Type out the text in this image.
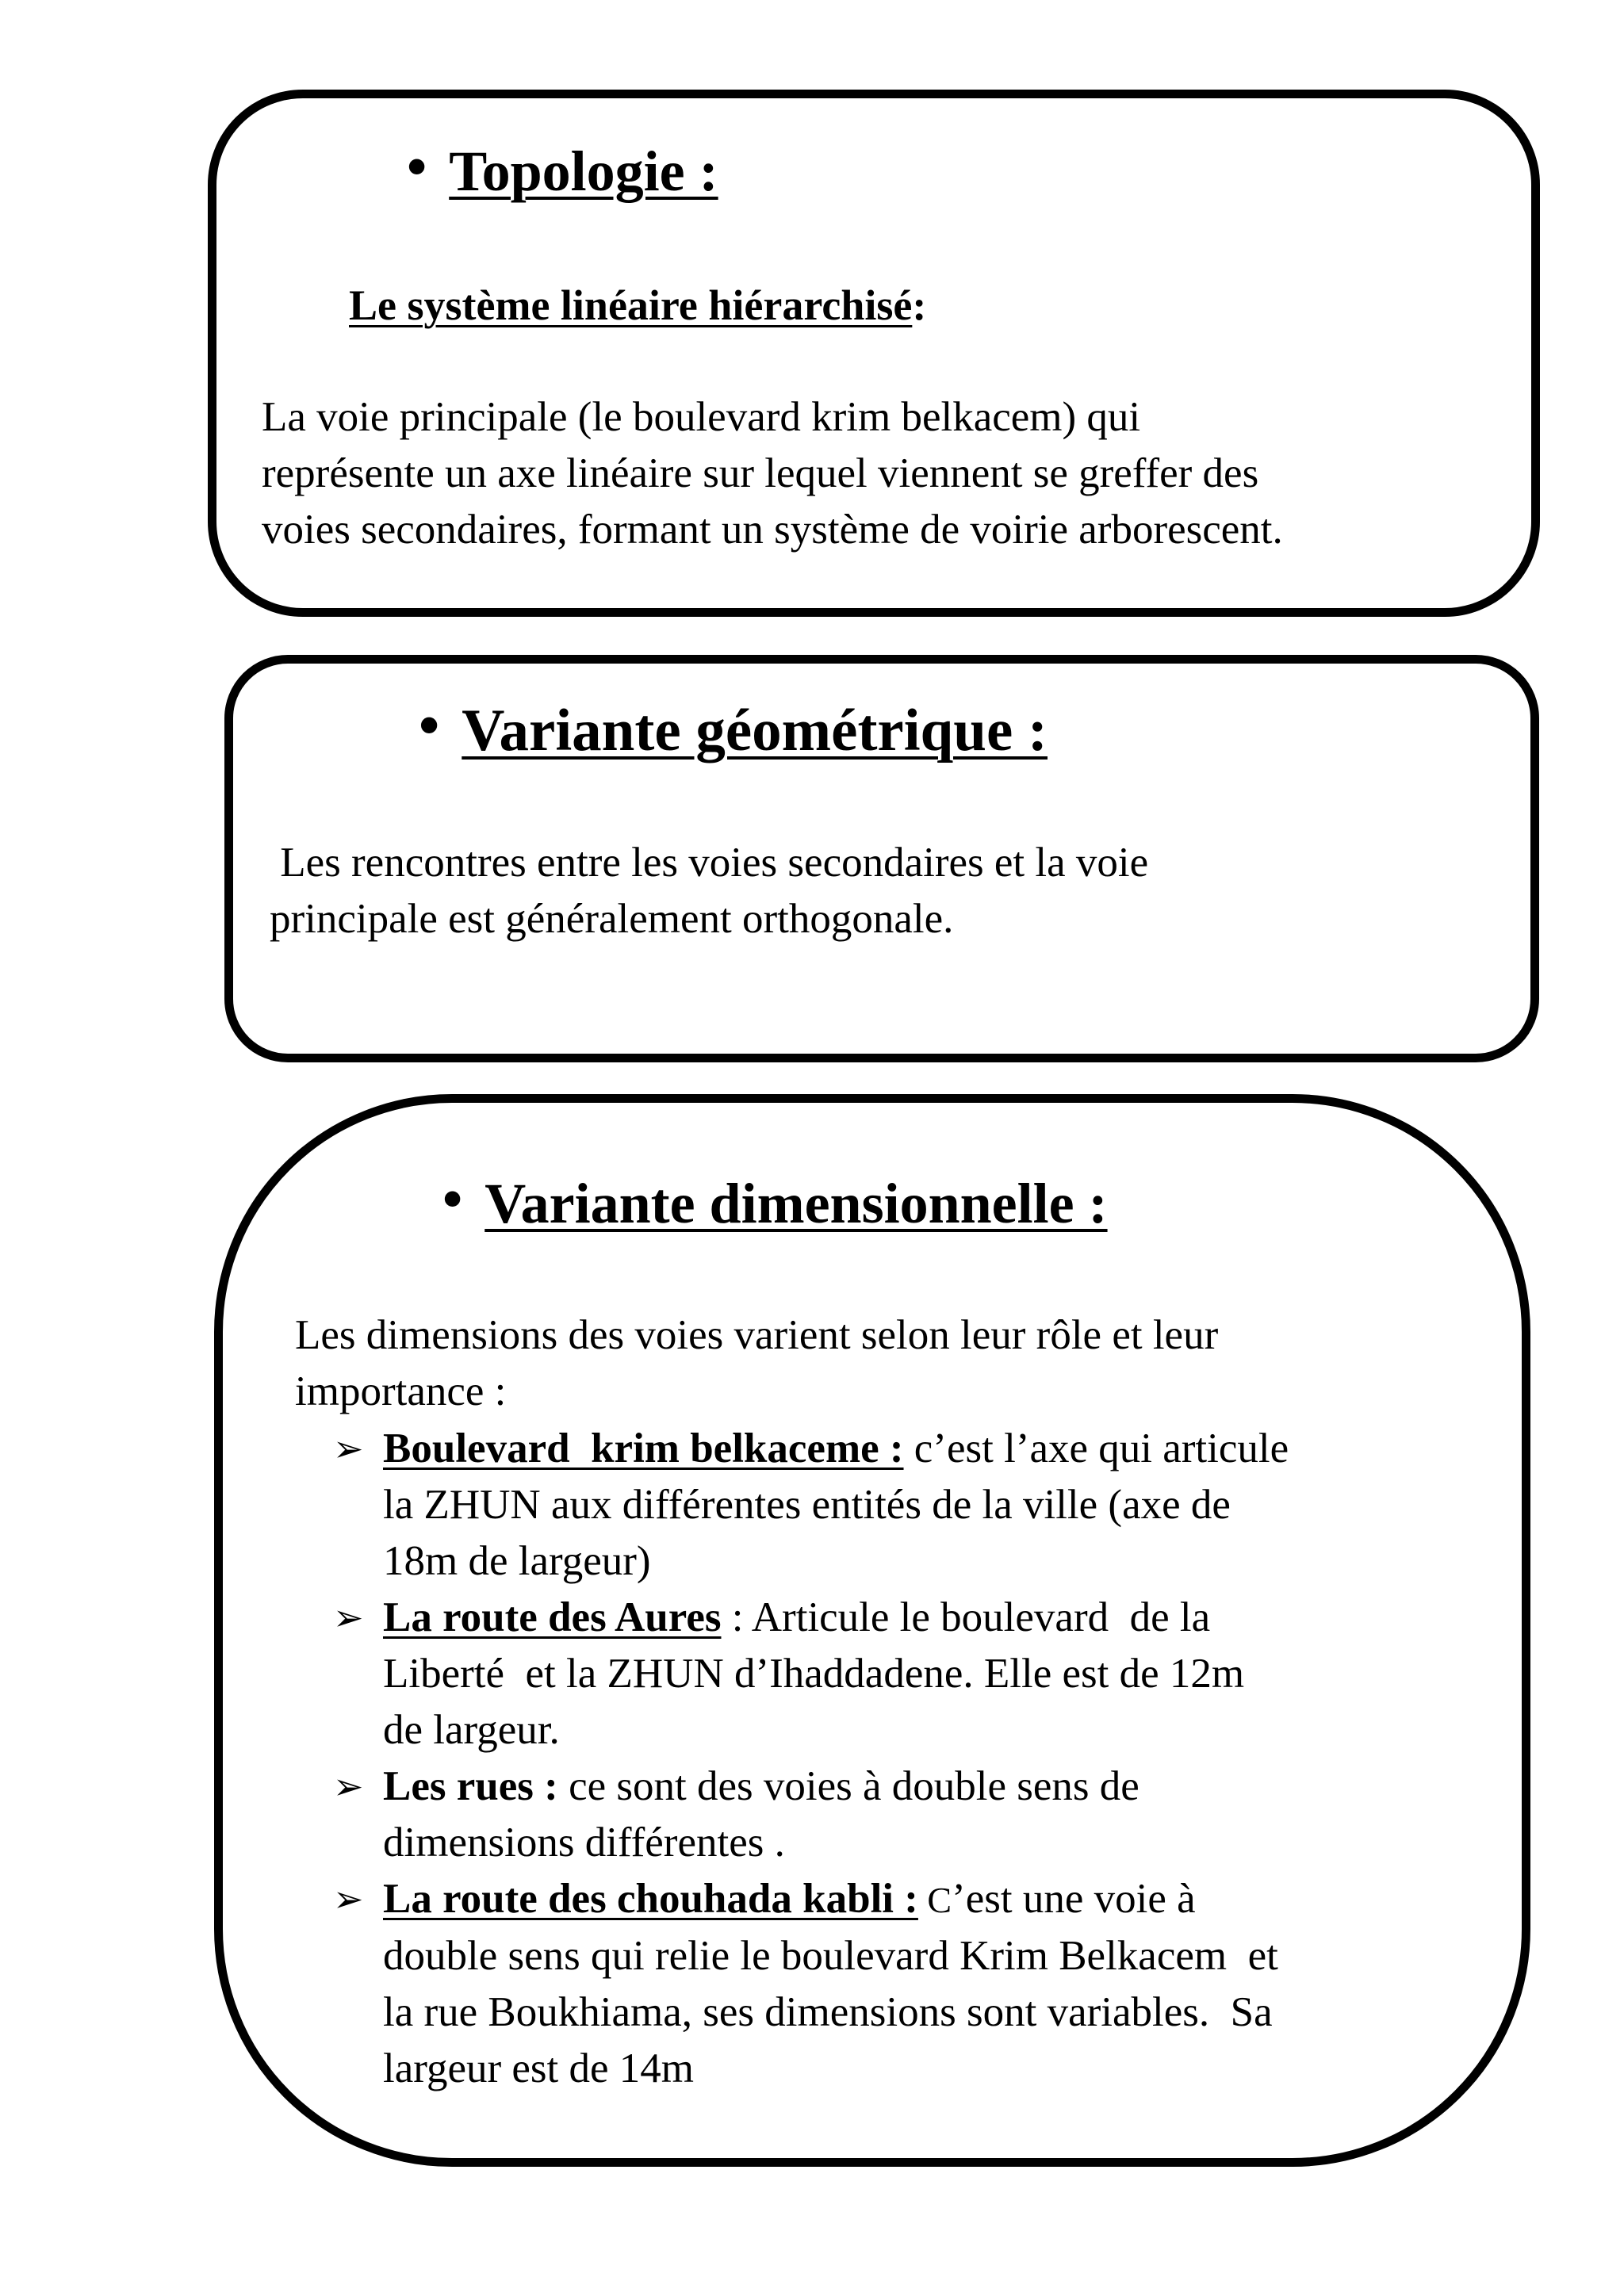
• Topologie :
Le système linéaire hiérarchisé:

La voie principale (le boulevard krim belkacem) qui
représente un axe linéaire sur lequel viennent se greffer des
voies secondaires, formant un système de voirie arborescent.

• Variante géométrique :

Les rencontres entre les voies secondaires et la voie
principale est généralement orthogonale.

• Variante dimensionnelle :

Les dimensions des voies varient selon leur rôle et leur
importance :

➢ Boulevard  krim belkaceme : c’est l’axe qui articule
la ZHUN aux différentes entités de la ville (axe de
18m de largeur)
➢ La route des Aures : Articule le boulevard  de la
Liberté  et la ZHUN d’Ihaddadene. Elle est de 12m
de largeur.
➢ Les rues : ce sont des voies à double sens de
dimensions différentes .
➢ La route des chouhada kabli : C’est une voie à
double sens qui relie le boulevard Krim Belkacem  et
la rue Boukhiama, ses dimensions sont variables.  Sa
largeur est de 14m
